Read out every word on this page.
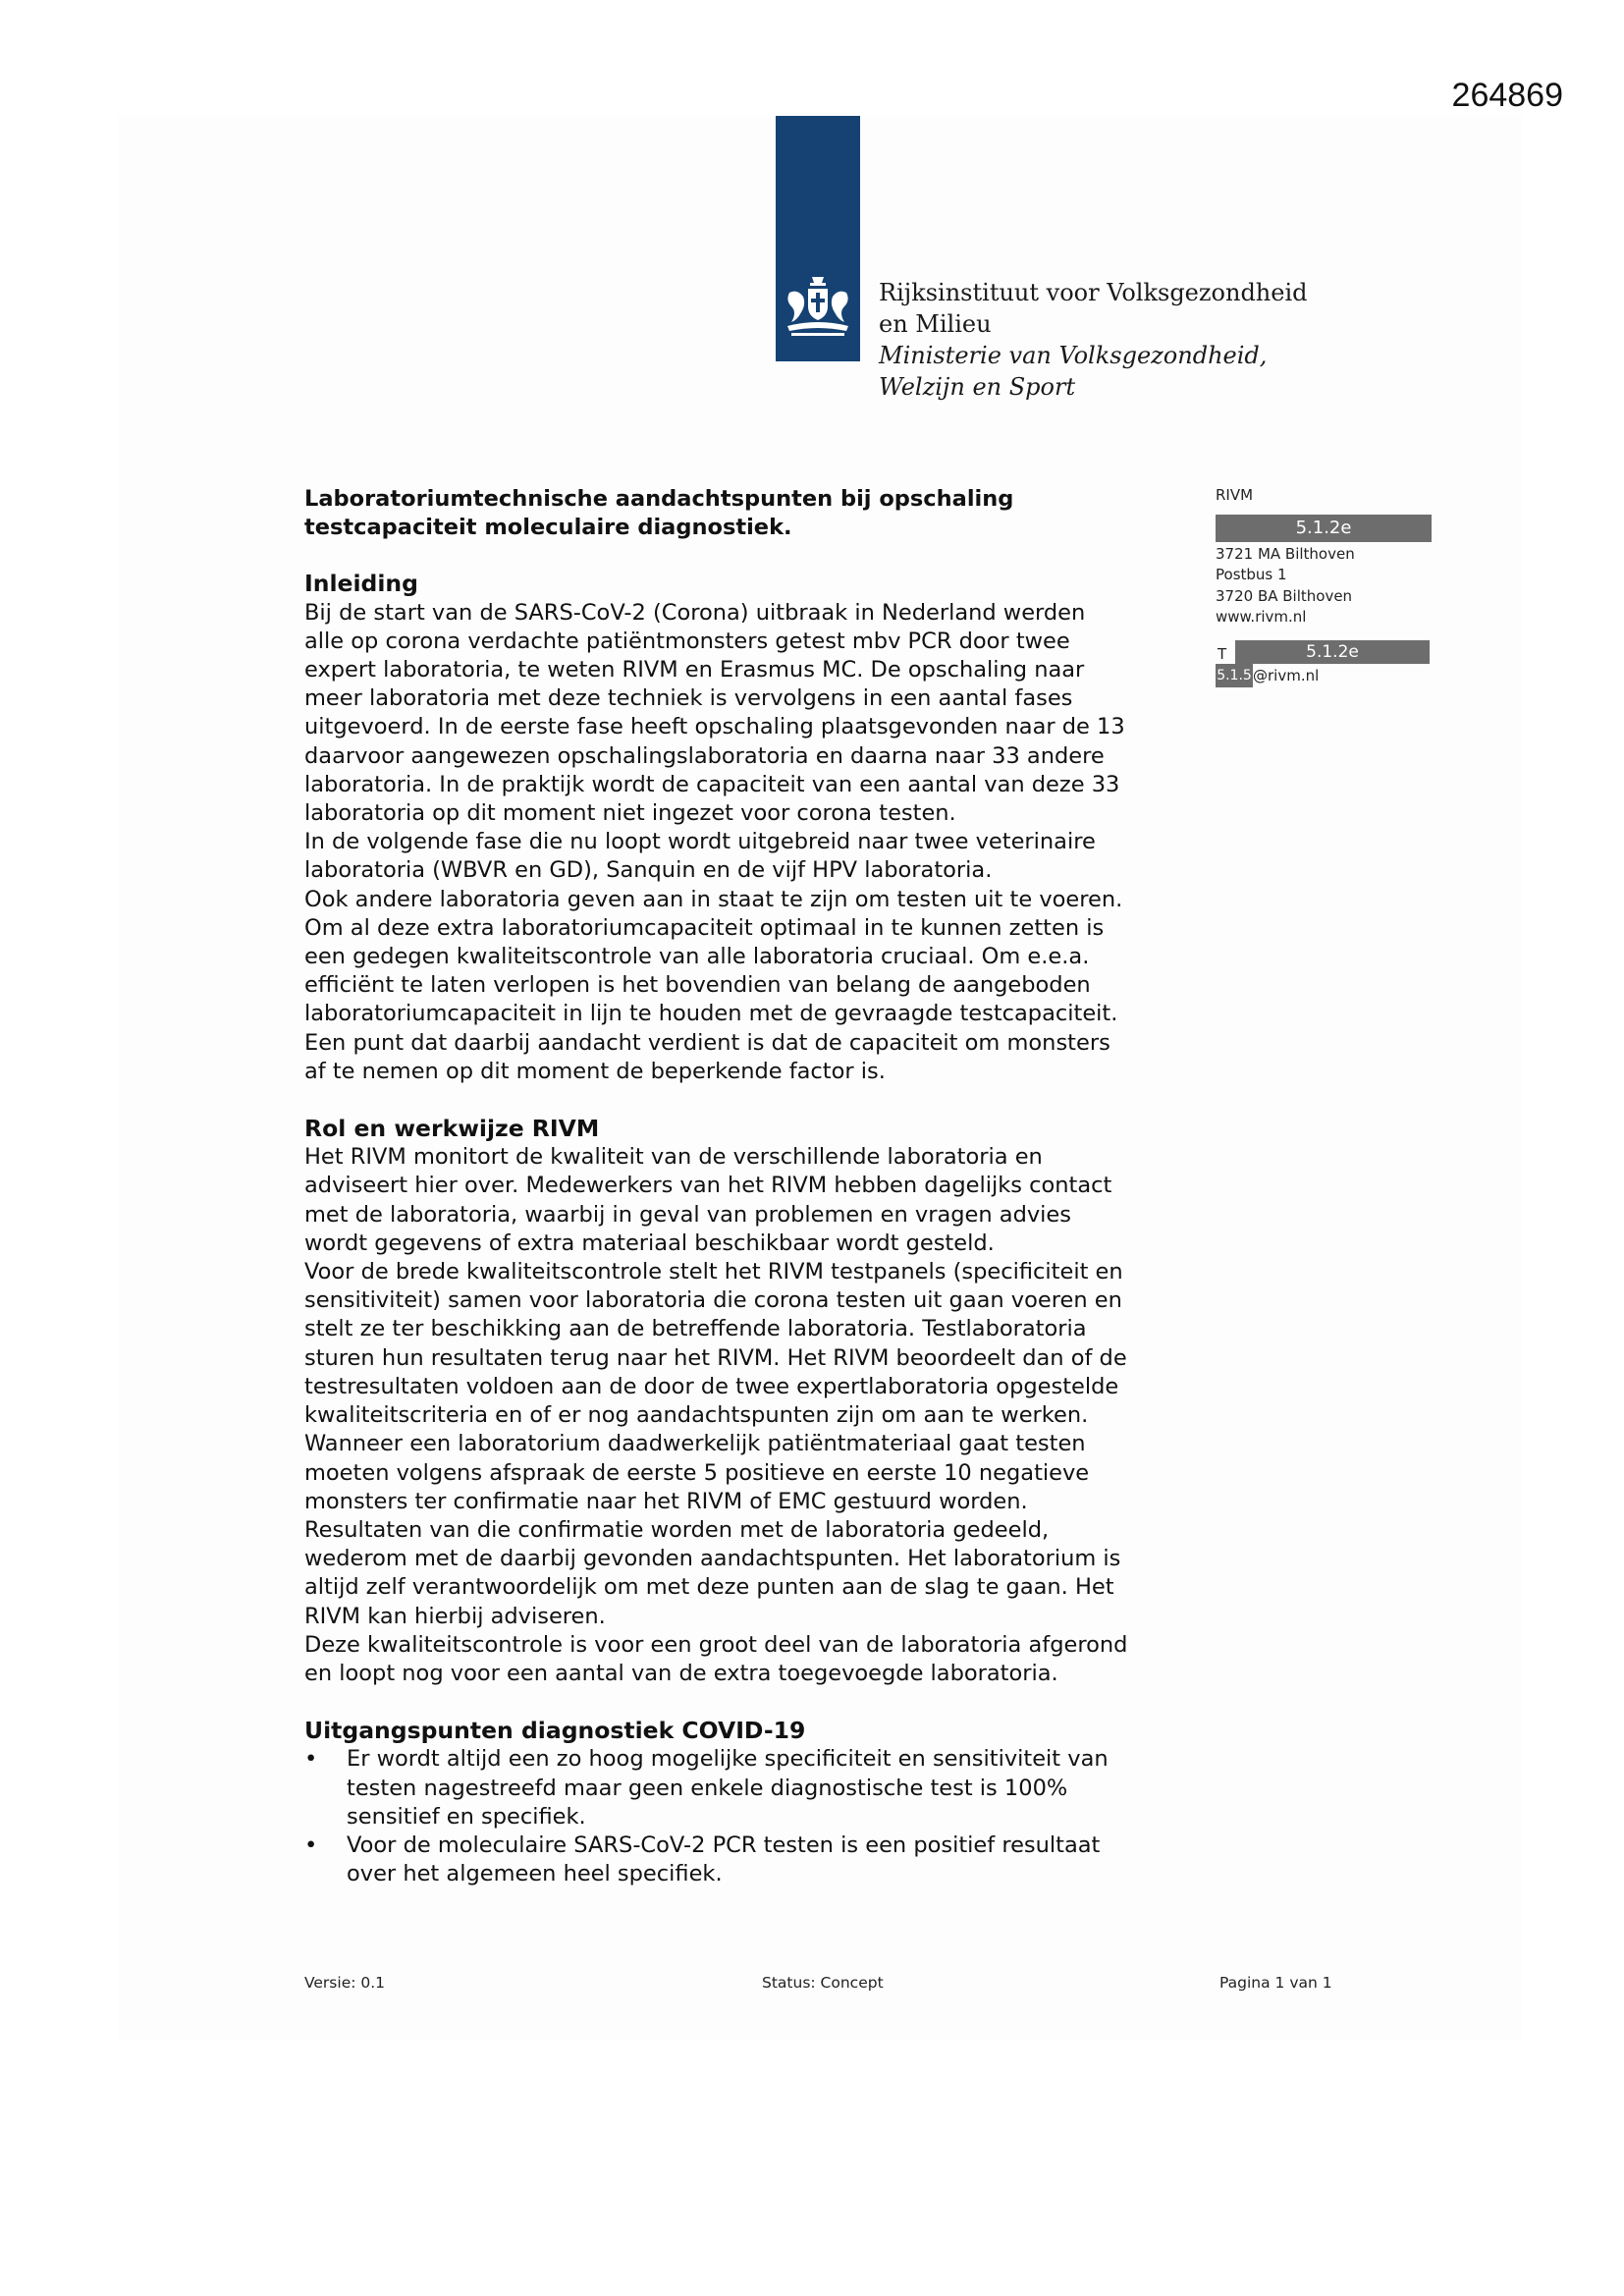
264869
Rijksinstituut voor Volksgezondheid
en Milieu
Ministerie van Volksgezondheid,
Welzijn en Sport
RIVM
5.1.2e
3721 MA Bilthoven
Postbus 1
3720 BA Bilthoven
www.rivm.nl
T	5.1.2e
5.1.5@rivm.nl

Laboratoriumtechnische aandachtspunten bij opschaling

testcapaciteit moleculaire diagnostiek.

Inleiding

Bij de start van de SARS-CoV-2 (Corona) uitbraak in Nederland werden

alle op corona verdachte patiëntmonsters getest mbv PCR door twee

expert laboratoria, te weten RIVM en Erasmus MC. De opschaling naar

meer laboratoria met deze techniek is vervolgens in een aantal fases

uitgevoerd. In de eerste fase heeft opschaling plaatsgevonden naar de 13

daarvoor aangewezen opschalingslaboratoria en daarna naar 33 andere

laboratoria. In de praktijk wordt de capaciteit van een aantal van deze 33

laboratoria op dit moment niet ingezet voor corona testen.

In de volgende fase die nu loopt wordt uitgebreid naar twee veterinaire

laboratoria (WBVR en GD), Sanquin en de vijf HPV laboratoria.

Ook andere laboratoria geven aan in staat te zijn om testen uit te voeren.

Om al deze extra laboratoriumcapaciteit optimaal in te kunnen zetten is

een gedegen kwaliteitscontrole van alle laboratoria cruciaal. Om e.e.a.

efficiënt te laten verlopen is het bovendien van belang de aangeboden

laboratoriumcapaciteit in lijn te houden met de gevraagde testcapaciteit.

Een punt dat daarbij aandacht verdient is dat de capaciteit om monsters

af te nemen op dit moment de beperkende factor is.

Rol en werkwijze RIVM

Het RIVM monitort de kwaliteit van de verschillende laboratoria en

adviseert hier over. Medewerkers van het RIVM hebben dagelijks contact

met de laboratoria, waarbij in geval van problemen en vragen advies

wordt gegevens of extra materiaal beschikbaar wordt gesteld.

Voor de brede kwaliteitscontrole stelt het RIVM testpanels (specificiteit en

sensitiviteit) samen voor laboratoria die corona testen uit gaan voeren en

stelt ze ter beschikking aan de betreffende laboratoria. Testlaboratoria

sturen hun resultaten terug naar het RIVM. Het RIVM beoordeelt dan of de

testresultaten voldoen aan de door de twee expertlaboratoria opgestelde

kwaliteitscriteria en of er nog aandachtspunten zijn om aan te werken.

Wanneer een laboratorium daadwerkelijk patiëntmateriaal gaat testen

moeten volgens afspraak de eerste 5 positieve en eerste 10 negatieve

monsters ter confirmatie naar het RIVM of EMC gestuurd worden.

Resultaten van die confirmatie worden met de laboratoria gedeeld,

wederom met de daarbij gevonden aandachtspunten. Het laboratorium is

altijd zelf verantwoordelijk om met deze punten aan de slag te gaan. Het

RIVM kan hierbij adviseren.

Deze kwaliteitscontrole is voor een groot deel van de laboratoria afgerond

en loopt nog voor een aantal van de extra toegevoegde laboratoria.

Uitgangspunten diagnostiek COVID-19

• Er wordt altijd een zo hoog mogelijke specificiteit en sensitiviteit van

testen nagestreefd maar geen enkele diagnostische test is 100%

sensitief en specifiek.

• Voor de moleculaire SARS-CoV-2 PCR testen is een positief resultaat

over het algemeen heel specifiek.

Versie: 0.1	Status: Concept	Pagina 1 van 1
